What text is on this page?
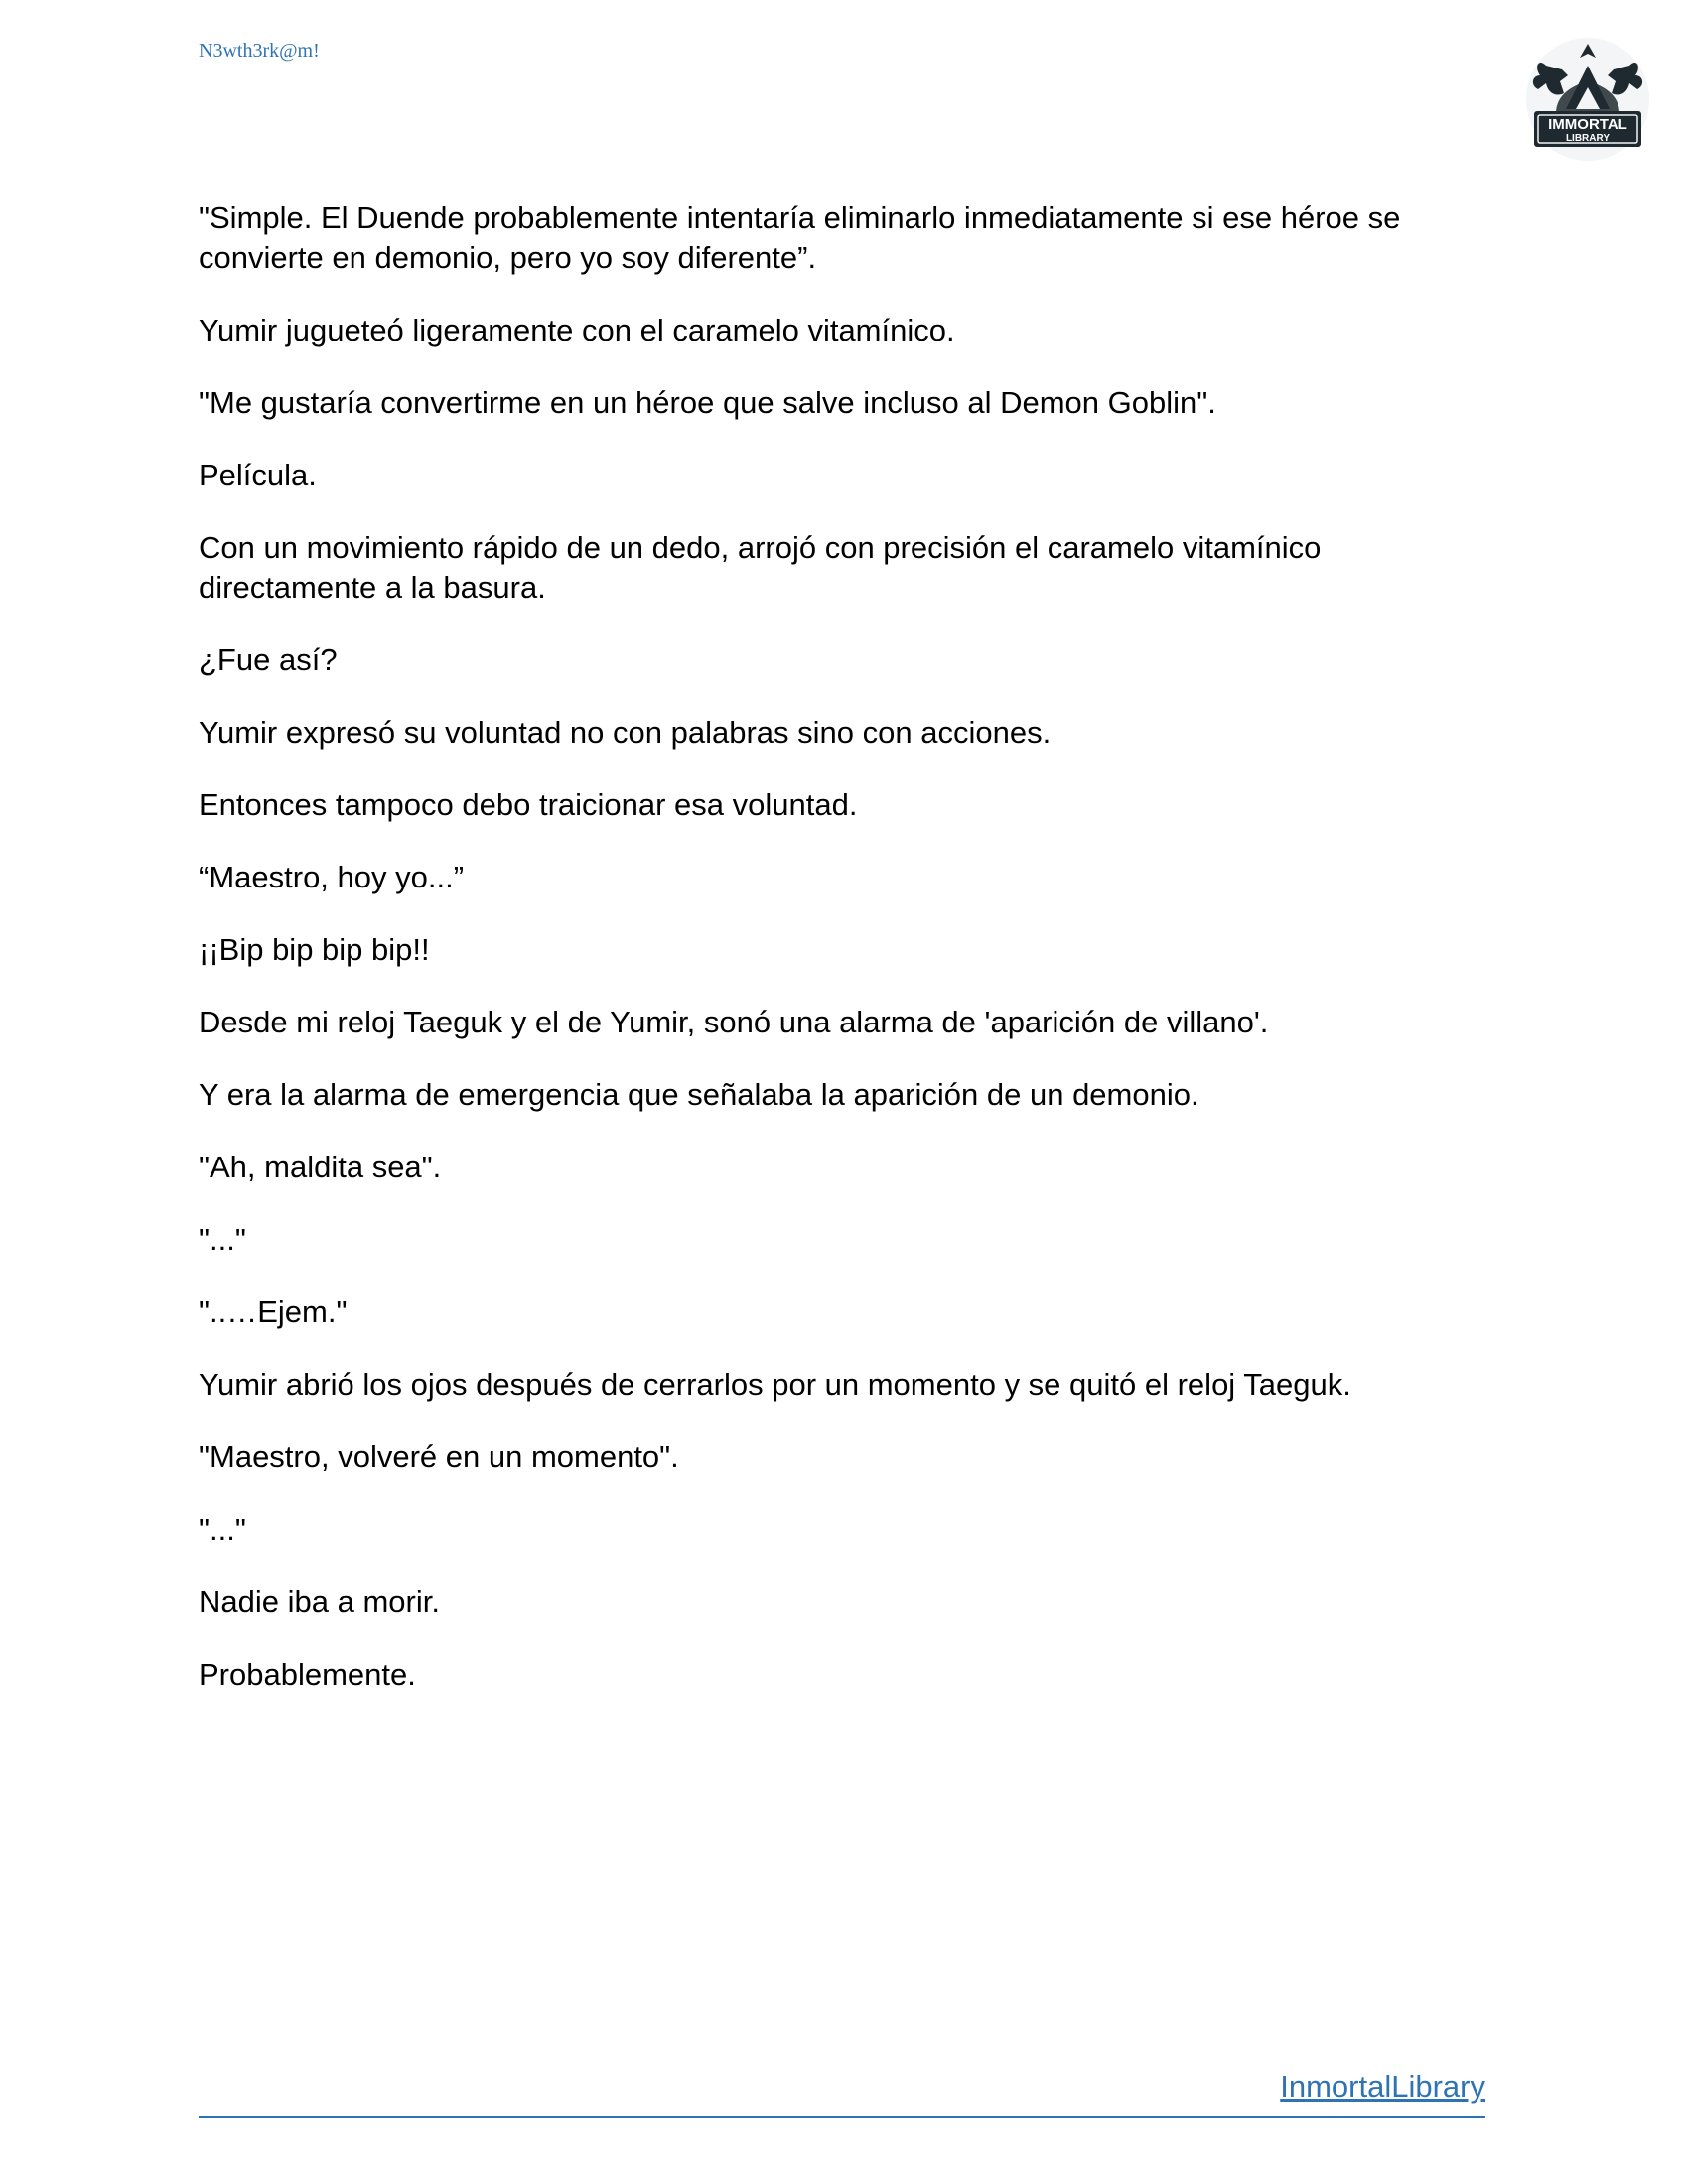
N3wth3rk@m!
IMMORTAL
LIBRARY

"Simple. El Duende probablemente intentaría eliminarlo inmediatamente si ese héroe se convierte en demonio, pero yo soy diferente”.

Yumir jugueteó ligeramente con el caramelo vitamínico.

"Me gustaría convertirme en un héroe que salve incluso al Demon Goblin".

Película.

Con un movimiento rápido de un dedo, arrojó con precisión el caramelo vitamínico directamente a la basura.

¿Fue así?

Yumir expresó su voluntad no con palabras sino con acciones.

Entonces tampoco debo traicionar esa voluntad.

“Maestro, hoy yo...”

¡¡Bip bip bip bip!!

Desde mi reloj Taeguk y el de Yumir, sonó una alarma de 'aparición de villano'.

Y era la alarma de emergencia que señalaba la aparición de un demonio.

"Ah, maldita sea".

"..."

"..…Ejem."

Yumir abrió los ojos después de cerrarlos por un momento y se quitó el reloj Taeguk.

"Maestro, volveré en un momento".

"..."

Nadie iba a morir.

Probablemente.

InmortalLibrary
